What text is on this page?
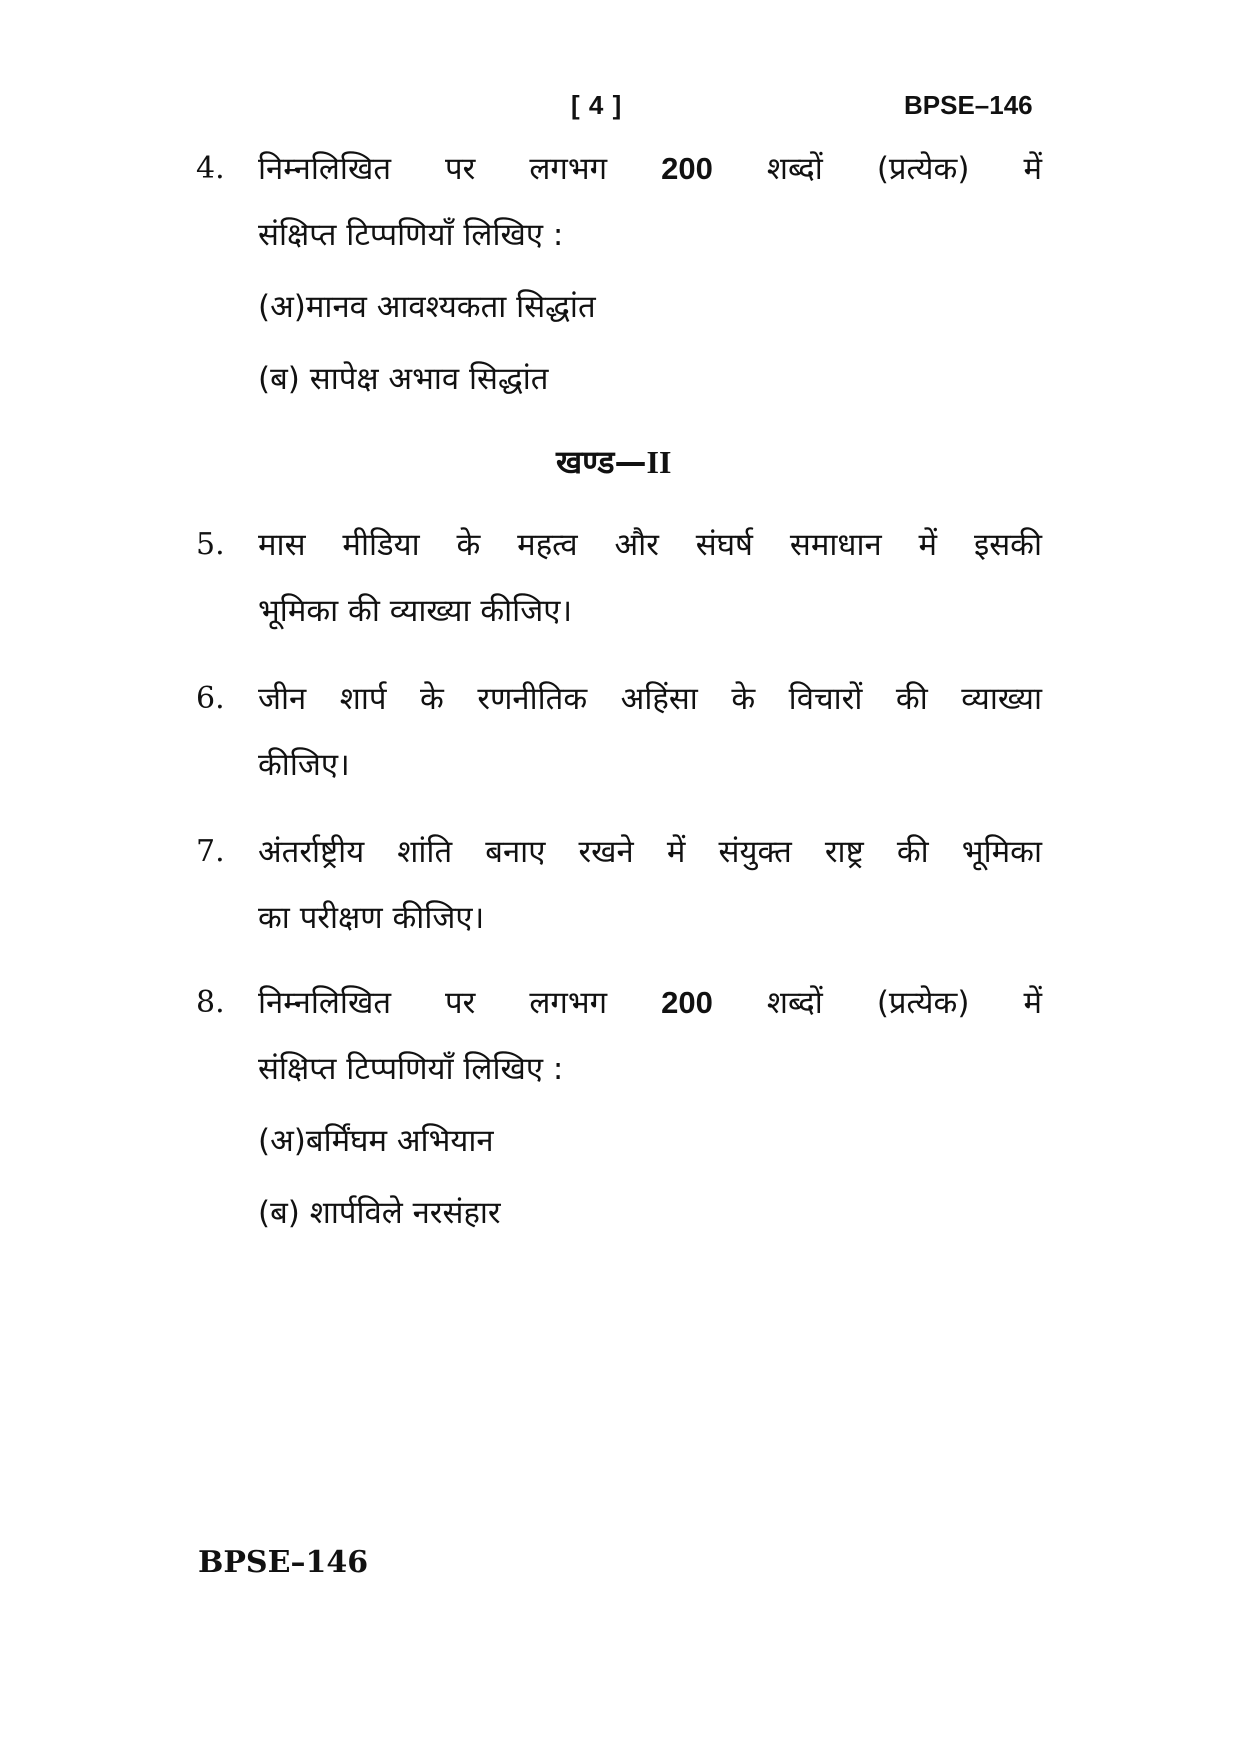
[ 4 ]	BPSE–146
4. निम्नलिखित पर लगभग 200 शब्दों (प्रत्येक) में
संक्षिप्त टिप्पणियाँ लिखिए :
(अ)मानव आवश्यकता सिद्धांत
(ब) सापेक्ष अभाव सिद्धांत
खण्ड—II
5. मास मीडिया के महत्व और संघर्ष समाधान में इसकी
भूमिका की व्याख्या कीजिए।
6. जीन शार्प के रणनीतिक अहिंसा के विचारों की व्याख्या
कीजिए।
7. अंतर्राष्ट्रीय शांति बनाए रखने में संयुक्त राष्ट्र की भूमिका
का परीक्षण कीजिए।
8. निम्नलिखित पर लगभग 200 शब्दों (प्रत्येक) में
संक्षिप्त टिप्पणियाँ लिखिए :
(अ)बर्मिंघम अभियान
(ब) शार्पविले नरसंहार
BPSE–146
